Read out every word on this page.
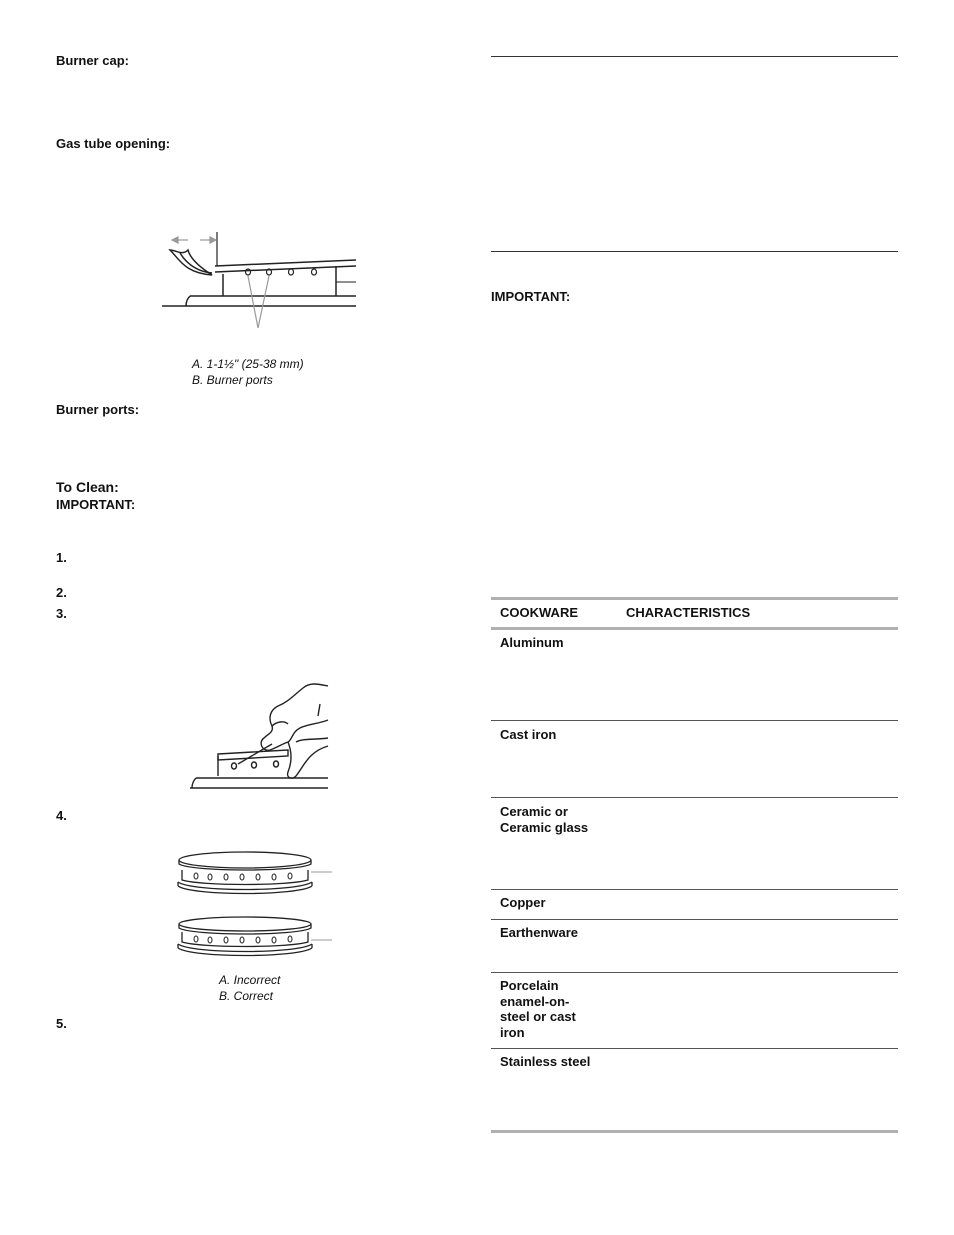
Burner cap:
Gas tube opening:
A. 1-1½" (25-38 mm)
B. Burner ports
Burner ports:
To Clean:
IMPORTANT:
1.
2.
3.
4.
A. Incorrect
B. Correct
5.
IMPORTANT:
COOKWARE	CHARACTERISTICS
Aluminum
Cast iron
Ceramic or Ceramic glass
Copper
Earthenware
Porcelain enamel-on-steel or cast iron
Stainless steel
